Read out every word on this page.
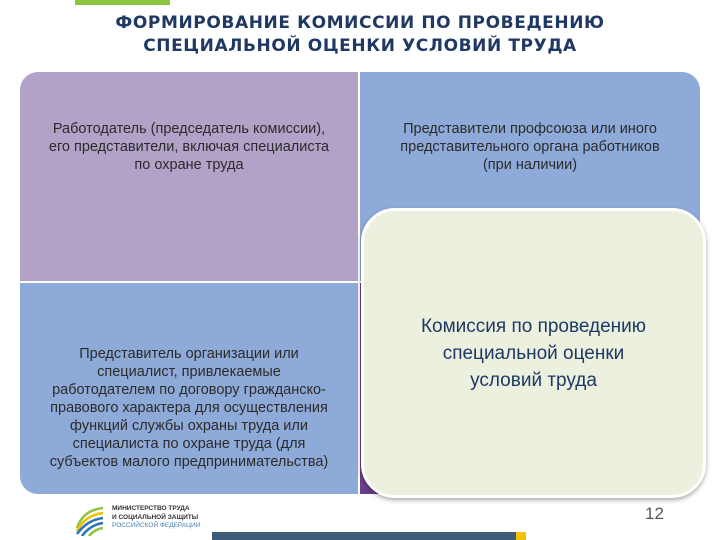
ФОРМИРОВАНИЕ КОМИССИИ ПО ПРОВЕДЕНИЮ
СПЕЦИАЛЬНОЙ ОЦЕНКИ УСЛОВИЙ ТРУДА
Работодатель (председатель комиссии),
его представители, включая специалиста
по охране труда
Представители профсоюза или иного
представительного органа работников
(при наличии)
Представитель организации или
специалист, привлекаемые
работодателем по договору гражданско-
правового характера для осуществления
функций службы охраны труда или
специалиста по охране труда (для
субъектов малого предпринимательства)
Комиссия по проведению
специальной оценки
условий труда
МИНИСТЕРСТВО ТРУДА
И СОЦИАЛЬНОЙ ЗАЩИТЫ
РОССИЙСКОЙ ФЕДЕРАЦИИ
12
